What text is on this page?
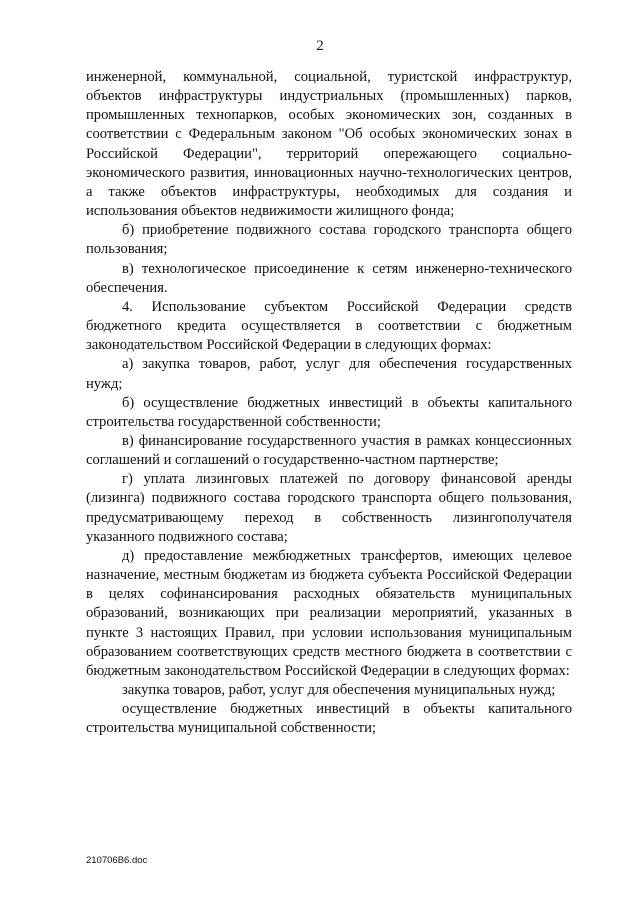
2

инженерной, коммунальной, социальной, туристской инфраструктур, объектов инфраструктуры индустриальных (промышленных) парков, промышленных технопарков, особых экономических зон, созданных в соответствии с Федеральным законом "Об особых экономических зонах в Российской Федерации", территорий опережающего социально-экономического развития, инновационных научно-технологических центров, а также объектов инфраструктуры, необходимых для создания и использования объектов недвижимости жилищного фонда;

б) приобретение подвижного состава городского транспорта общего пользования;

в) технологическое присоединение к сетям инженерно-технического обеспечения.

4. Использование субъектом Российской Федерации средств бюджетного кредита осуществляется в соответствии с бюджетным законодательством Российской Федерации в следующих формах:

а) закупка товаров, работ, услуг для обеспечения государственных нужд;

б) осуществление бюджетных инвестиций в объекты капитального строительства государственной собственности;

в) финансирование государственного участия в рамках концессионных соглашений и соглашений о государственно-частном партнерстве;

г) уплата лизинговых платежей по договору финансовой аренды (лизинга) подвижного состава городского транспорта общего пользования, предусматривающему переход в собственность лизингополучателя указанного подвижного состава;

д) предоставление межбюджетных трансфертов, имеющих целевое назначение, местным бюджетам из бюджета субъекта Российской Федерации в целях софинансирования расходных обязательств муниципальных образований, возникающих при реализации мероприятий, указанных в пункте 3 настоящих Правил, при условии использования муниципальным образованием соответствующих средств местного бюджета в соответствии с бюджетным законодательством Российской Федерации в следующих формах:

закупка товаров, работ, услуг для обеспечения муниципальных нужд;

осуществление бюджетных инвестиций в объекты капитального строительства муниципальной собственности;

210706B6.doc
